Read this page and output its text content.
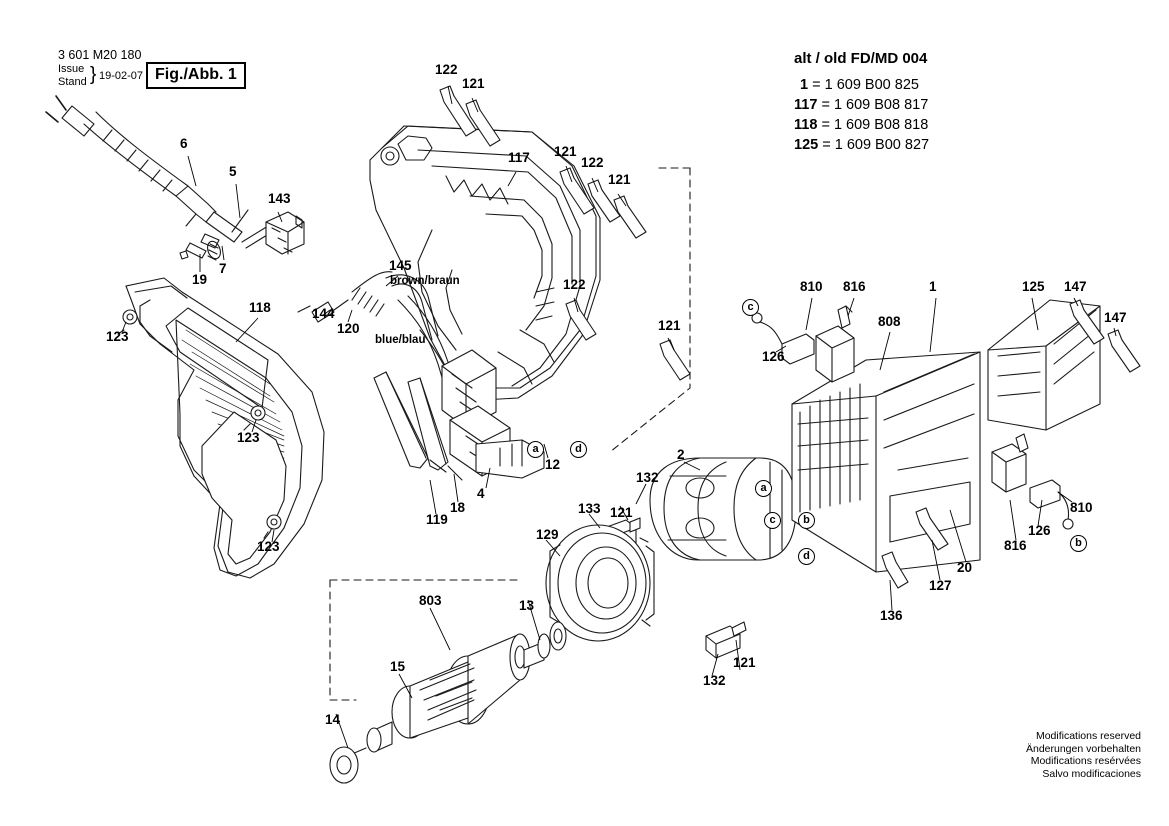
3 601 M20 180
Issue
Stand } 19-02-07 Fig./Abb. 1
alt / old FD/MD 004
1 = 1 609 B00 825
117 = 1 609 B08 817
118 = 1 609 B08 818
125 = 1 609 B00 827
brown/braun
blue/blau
122
121
117 121
122
121
122
121
6
5
143
19
7
118
123
123
123
144
145
120
119
18
4
12
2
132
121
133
129
13
803
15
14
132
121
810 816
808
1
126
125 147
147
816
126
810
127
20
136
c
a	d
a
c	b
d
b
Modifications reserved
Änderungen vorbehalten
Modifications resérvées
Salvo modificaciones
